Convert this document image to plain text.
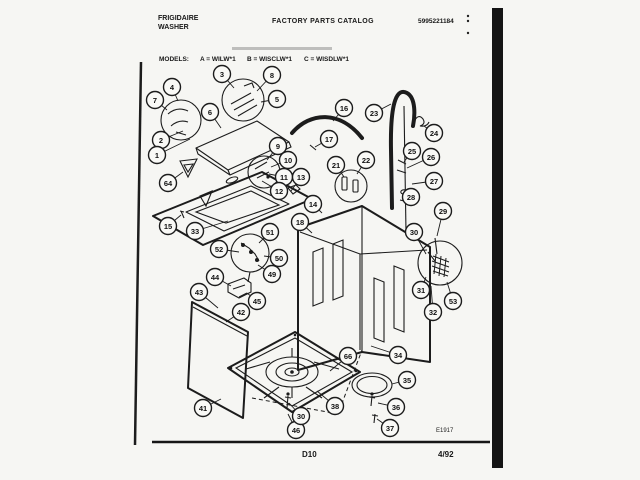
FRIGIDAIRE
WASHER
FACTORY PARTS CATALOG	5995221184
MODELS: A = WILW*1 B = WISCLW*1 C = WISDLW*1
7
4
2
1
3	8
5
6
64
15
33
9
10
11
12
13
14
16
17
23
21
22
24
25
26
27
28
29
30
31
32
53
18
34
35
36
37
38
66
51
52
50
49
44
45
43
42
41
46
30
E1917
D10	4/92
